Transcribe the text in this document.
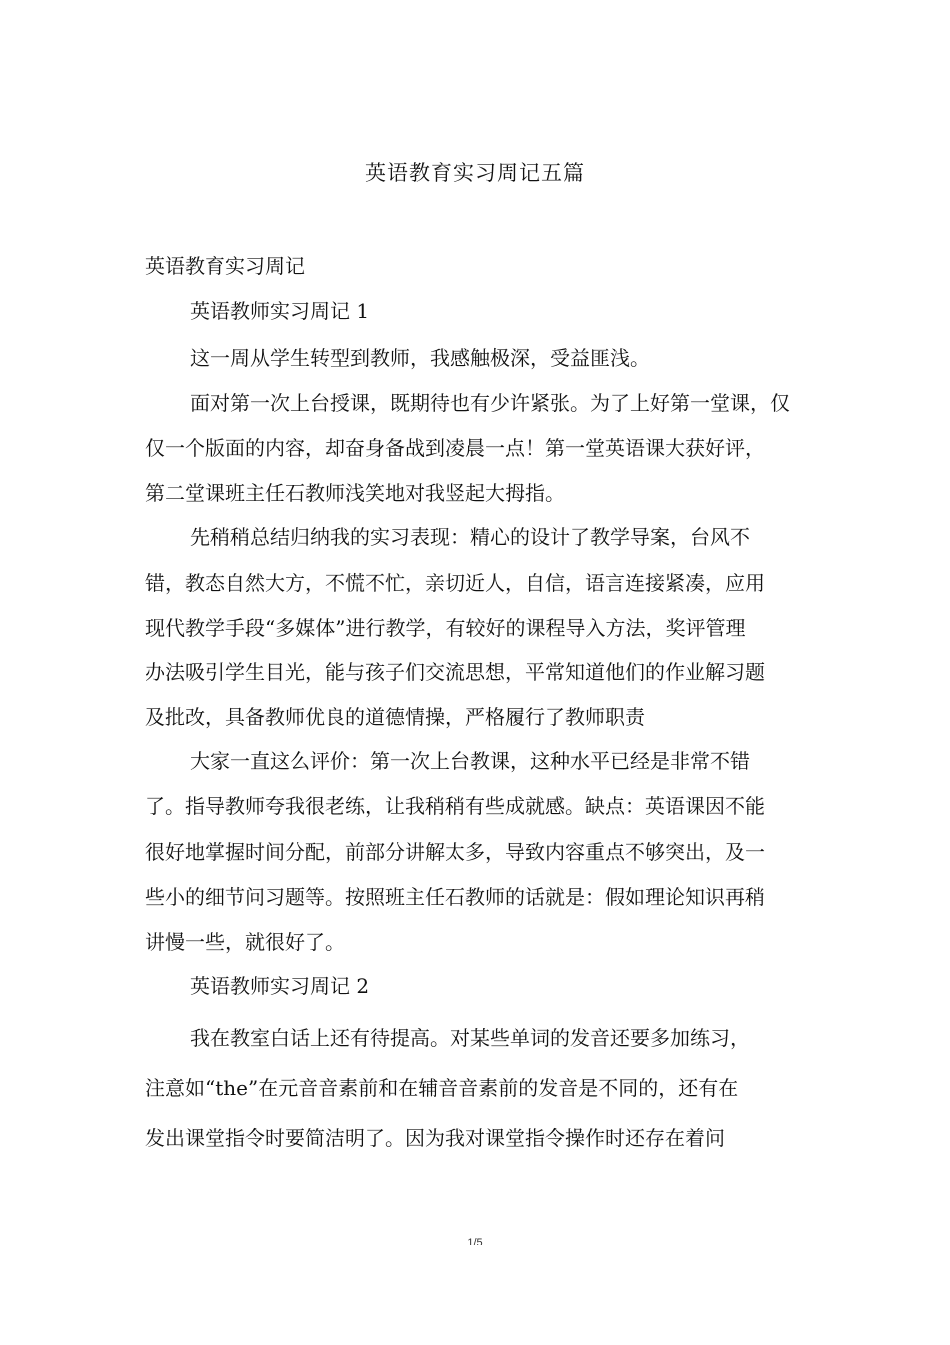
英语教育实习周记五篇
英语教育实习周记
英语教师实习周记 1
这一周从学生转型到教师，我感触极深，受益匪浅。
面对第一次上台授课，既期待也有少许紧张。为了上好第一堂课，仅
仅一个版面的内容，却奋身备战到凌晨一点！第一堂英语课大获好评，
第二堂课班主任石教师浅笑地对我竖起大拇指。
先稍稍总结归纳我的实习表现：精心的设计了教学导案，台风不
错，教态自然大方，不慌不忙，亲切近人，自信，语言连接紧凑，应用
现代教学手段“多媒体”进行教学，有较好的课程导入方法，奖评管理
办法吸引学生目光，能与孩子们交流思想，平常知道他们的作业解习题
及批改，具备教师优良的道德情操，严格履行了教师职责
大家一直这么评价：第一次上台教课，这种水平已经是非常不错
了。指导教师夸我很老练，让我稍稍有些成就感。缺点：英语课因不能
很好地掌握时间分配，前部分讲解太多，导致内容重点不够突出，及一
些小的细节问习题等。按照班主任石教师的话就是：假如理论知识再稍
讲慢一些，就很好了。
英语教师实习周记 2
我在教室白话上还有待提高。对某些单词的发音还要多加练习，
注意如“the”在元音音素前和在辅音音素前的发音是不同的，还有在
发出课堂指令时要简洁明了。因为我对课堂指令操作时还存在着问
1/5
